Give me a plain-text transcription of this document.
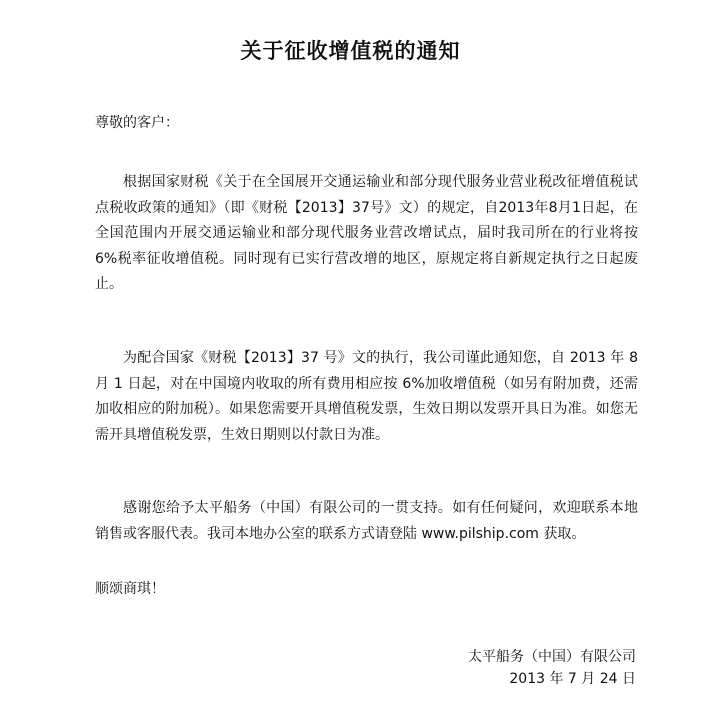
关于征收增值税的通知
尊敬的客户：

根据国家财税《关于在全国展开交通运输业和部分现代服务业营业税改征增值税试点税收政策的通知》（即《财税【2013】37号》文）的规定，自2013年8月1日起，在全国范围内开展交通运输业和部分现代服务业营改增试点，届时我司所在的行业将按 6%税率征收增值税。同时现有已实行营改增的地区，原规定将自新规定执行之日起废止。

为配合国家《财税【2013】37 号》文的执行，我公司谨此通知您，自 2013 年 8 月 1 日起，对在中国境内收取的所有费用相应按 6%加收增值税（如另有附加费，还需加收相应的附加税）。如果您需要开具增值税发票，生效日期以发票开具日为准。如您无需开具增值税发票，生效日期则以付款日为准。

感谢您给予太平船务（中国）有限公司的一贯支持。如有任何疑问，欢迎联系本地销售或客服代表。我司本地办公室的联系方式请登陆 www.pilship.com 获取。

顺颂商琪！
太平船务（中国）有限公司
2013 年 7 月 24 日
